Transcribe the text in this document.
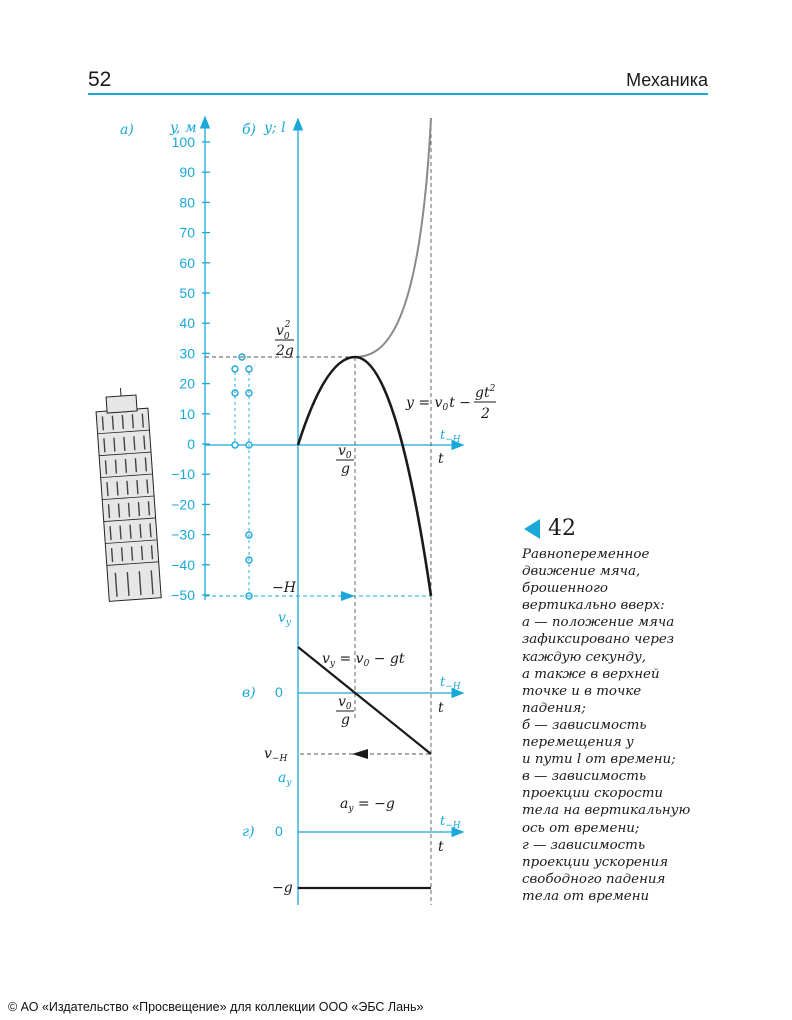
52	Механика
а)	б)
в)
г)
y, м
100
90
80
70
60
50
40
30
20
10
0
−10
−20
−30
−40
−50
y; l
t
$t_{-H}$
$v_02$
2g
$v_0$
g
$y = v_0t$ −
$gt^2$
2
−H
$v_y$
0
t
$t_{-H}$
$v_y = v_0$ − gt
$v_0$
g
$v_{-H}$
$a_y$
0
t
$t_{-H}$
$a_y = -g$
−g
42
Равнопеременное
движение мяча,
брошенного
вертикально вверх:
а — положение мяча
зафиксировано через
каждую секунду,
а также в верхней
точке и в точке
падения;
б — зависимость
перемещения y
и пути l от времени;
в — зависимость
проекции скорости
тела на вертикальную
ось от времени;
г — зависимость
проекции ускорения
свободного падения
тела от времени
© АО «Издательство «Просвещение» для коллекции ООО «ЭБС Лань»
